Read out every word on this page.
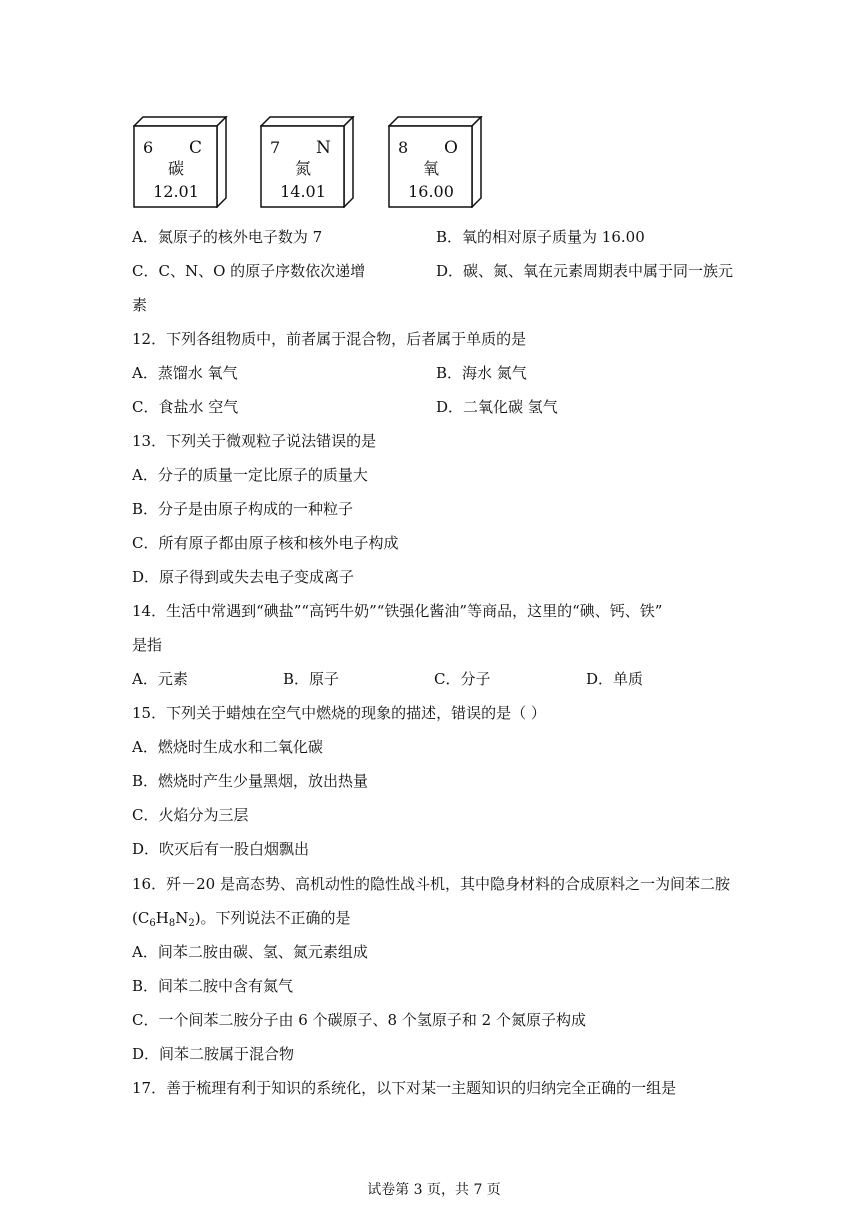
6 C
碳
12.01
7 N
氮
14.01
8 O
氧
16.00
A．氮原子的核外电子数为 7	B．氧的相对原子质量为 16.00
C．C、N、O 的原子序数依次递增	D．碳、氮、氧在元素周期表中属于同一族元
素
12．下列各组物质中，前者属于混合物，后者属于单质的是
A．蒸馏水 氧气	B．海水 氮气
C．食盐水 空气	D．二氧化碳 氢气
13．下列关于微观粒子说法错误的是
A．分子的质量一定比原子的质量大
B．分子是由原子构成的一种粒子
C．所有原子都由原子核和核外电子构成
D．原子得到或失去电子变成离子
14．生活中常遇到“碘盐”“高钙牛奶”“铁强化酱油”等商品，这里的“碘、钙、铁”
是指
A．元素	B．原子	C．分子	D．单质
15．下列关于蜡烛在空气中燃烧的现象的描述，错误的是（ ）
A．燃烧时生成水和二氧化碳
B．燃烧时产生少量黑烟，放出热量
C．火焰分为三层
D．吹灭后有一股白烟飘出
16．歼－20 是高态势、高机动性的隐性战斗机，其中隐身材料的合成原料之一为间苯二胺
$(C_6H_8N_2)$。下列说法不正确的是
A．间苯二胺由碳、氢、氮元素组成
B．间苯二胺中含有氮气
C．一个间苯二胺分子由 6 个碳原子、8 个氢原子和 2 个氮原子构成
D．间苯二胺属于混合物
17．善于梳理有利于知识的系统化，以下对某一主题知识的归纳完全正确的一组是
试卷第 3 页，共 7 页
